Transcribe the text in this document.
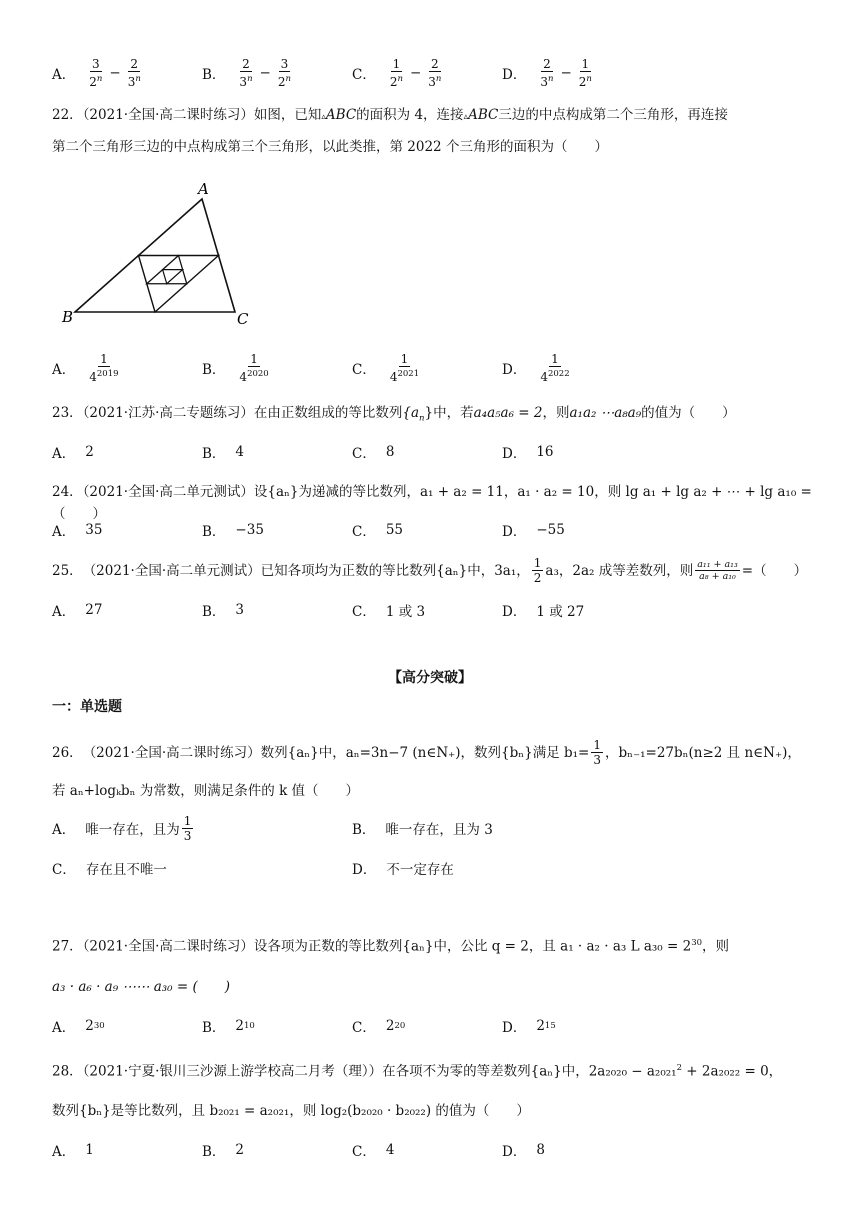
A． $\frac{3}{2^n} - \frac{2}{3^n}$	B． $\frac{2}{3^n} - \frac{3}{2^n}$	C． $\frac{1}{2^n} - \frac{2}{3^n}$	D． $\frac{2}{3^n} - \frac{1}{2^n}$
22．（2021·全国·高二课时练习）如图，已知▵ABC的面积为 4，连接▵ABC三边的中点构成第二个三角形，再连接
第二个三角形三边的中点构成第三个三角形，以此类推，第 2022 个三角形的面积为（　　）
A
B	C
A． $\frac{1}{4^{2019}}$	B． $\frac{1}{4^{2020}}$	C． $\frac{1}{4^{2021}}$	D． $\frac{1}{4^{2022}}$
23．（2021·江苏·高二专题练习）在由正数组成的等比数列$\{a_n\}$中，若a₄a₅a₆ = 2，则a₁a₂ ⋯a₈a₉的值为（　　）
A． 2	B． 4	C． 8	D． 16
24．（2021·全国·高二单元测试）设{aₙ}为递减的等比数列，a₁ + a₂ = 11，a₁ · a₂ = 10，则 lg a₁ + lg a₂ + ⋯ + lg a₁₀ =（　　）
A． 35	B． −35	C． 55	D． −55
25． （2021·全国·高二单元测试） 已知各项均为正数的等比数列{aₙ}中，3a₁， $\frac{1}{2} a_3$，2a₂ 成等差数列，则 $\frac{\text{a₁₁ + a₁₃}}{\text{a₈ + a₁₀}}$ =（　　）
A． 27	B． 3	C． 1 或 3	D． 1 或 27
【高分突破】
一：单选题
26． （2021·全国·高二课时练习） 数列{aₙ}中，aₙ=3n−7 (n∈N₊)，数列{bₙ}满足 $b_1= \frac{1}{3}$ ，bₙ₋₁=27bₙ(n≥2 且 n∈N₊)，
若 aₙ+logₖbₙ 为常数，则满足条件的 k 值（　　）
A． 唯一存在，且为 $\frac{1}{3}$	B． 唯一存在，且为 3
C． 存在且不唯一	D． 不一定存在
27．（2021·全国·高二课时练习）设各项为正数的等比数列{aₙ}中，公比 q = 2，且 a₁ · a₂ · a₃ L $a_{30} = 2^{30}$，则
a₃ · a₆ · a₉ ⋯⋯ a₃₀ = (　　)
A． 2 30	B． 2 10	C． 2 20	D． 2 15
28．（2021·宁夏·银川三沙源上游学校高二月考（理））在各项不为零的等差数列{aₙ}中，2a₂₀₂₀ − a₂₀₂₁$^2$ + 2a₂₀₂₂ = 0，
数列{bₙ}是等比数列，且 b₂₀₂₁ = a₂₀₂₁，则 log₂(b₂₀₂₀ · b₂₀₂₂) 的值为（　　）
A． 1	B． 2	C． 4	D． 8
